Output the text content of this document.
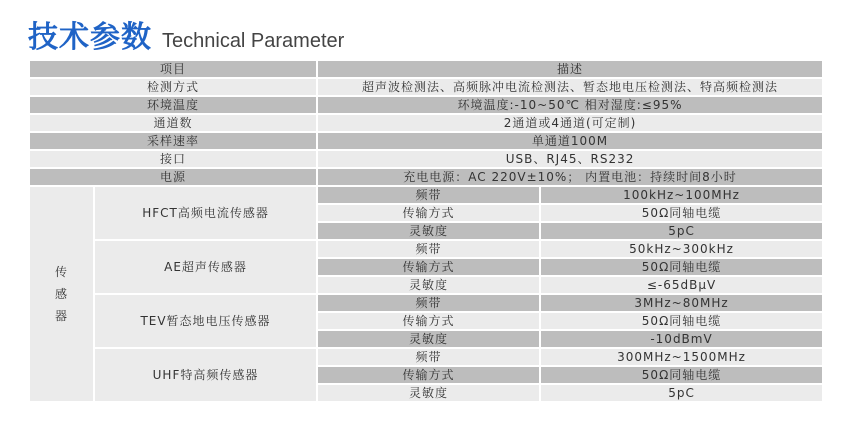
技术参数 Technical Parameter
项目		描述	
检测方式		超声波检测法、高频脉冲电流检测法、暂态地电压检测法、特高频检测法	
环境温度		环境温度:-10~50℃ 相对湿度:≤95%	
通道数		2通道或4通道(可定制)	
采样速率		单通道100M	
接口		USB、RJ45、RS232	
电源		充电电源：AC 220V±10%； 内置电池：持续时间8小时	

传
感
器	HFCT高频电流传感器	频带	100kHz~100MHz
		传输方式	50Ω同轴电缆
		灵敏度	5pC
	AE超声传感器	频带	50kHz~300kHz
		传输方式	50Ω同轴电缆
		灵敏度	≤-65dBμV
	TEV暂态地电压传感器	频带	3MHz~80MHz
		传输方式	50Ω同轴电缆
		灵敏度	-10dBmV
	UHF特高频传感器	频带	300MHz~1500MHz
		传输方式	50Ω同轴电缆
		灵敏度	5pC
